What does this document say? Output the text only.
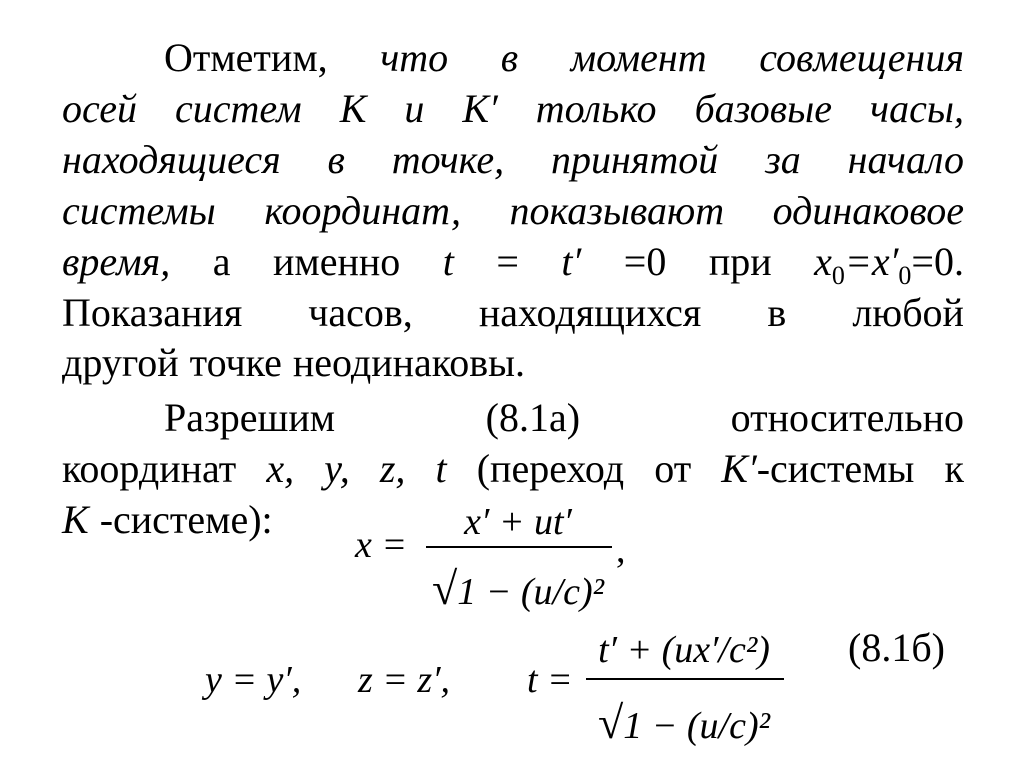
Отметим, что в момент совмещения
осей систем К и К′ только базовые часы,
находящиеся в точке, принятой за начало
системы координат, показывают одинаковое
время, а именно t = t′ =0 при $x_0=x'_0=0$.
Показания часов, находящихся в любой
другой точке неодинаковы.
Разрешим	(8.1а)	относительно
координат x, y, z, t (переход от K′-системы к
K -системе):
x =
x′ + ut′
√1 − (u/c)²
,
y = y′, z = z′, t =
t′ + (ux′/c²)
√1 − (u/c)²
(8.1б)
